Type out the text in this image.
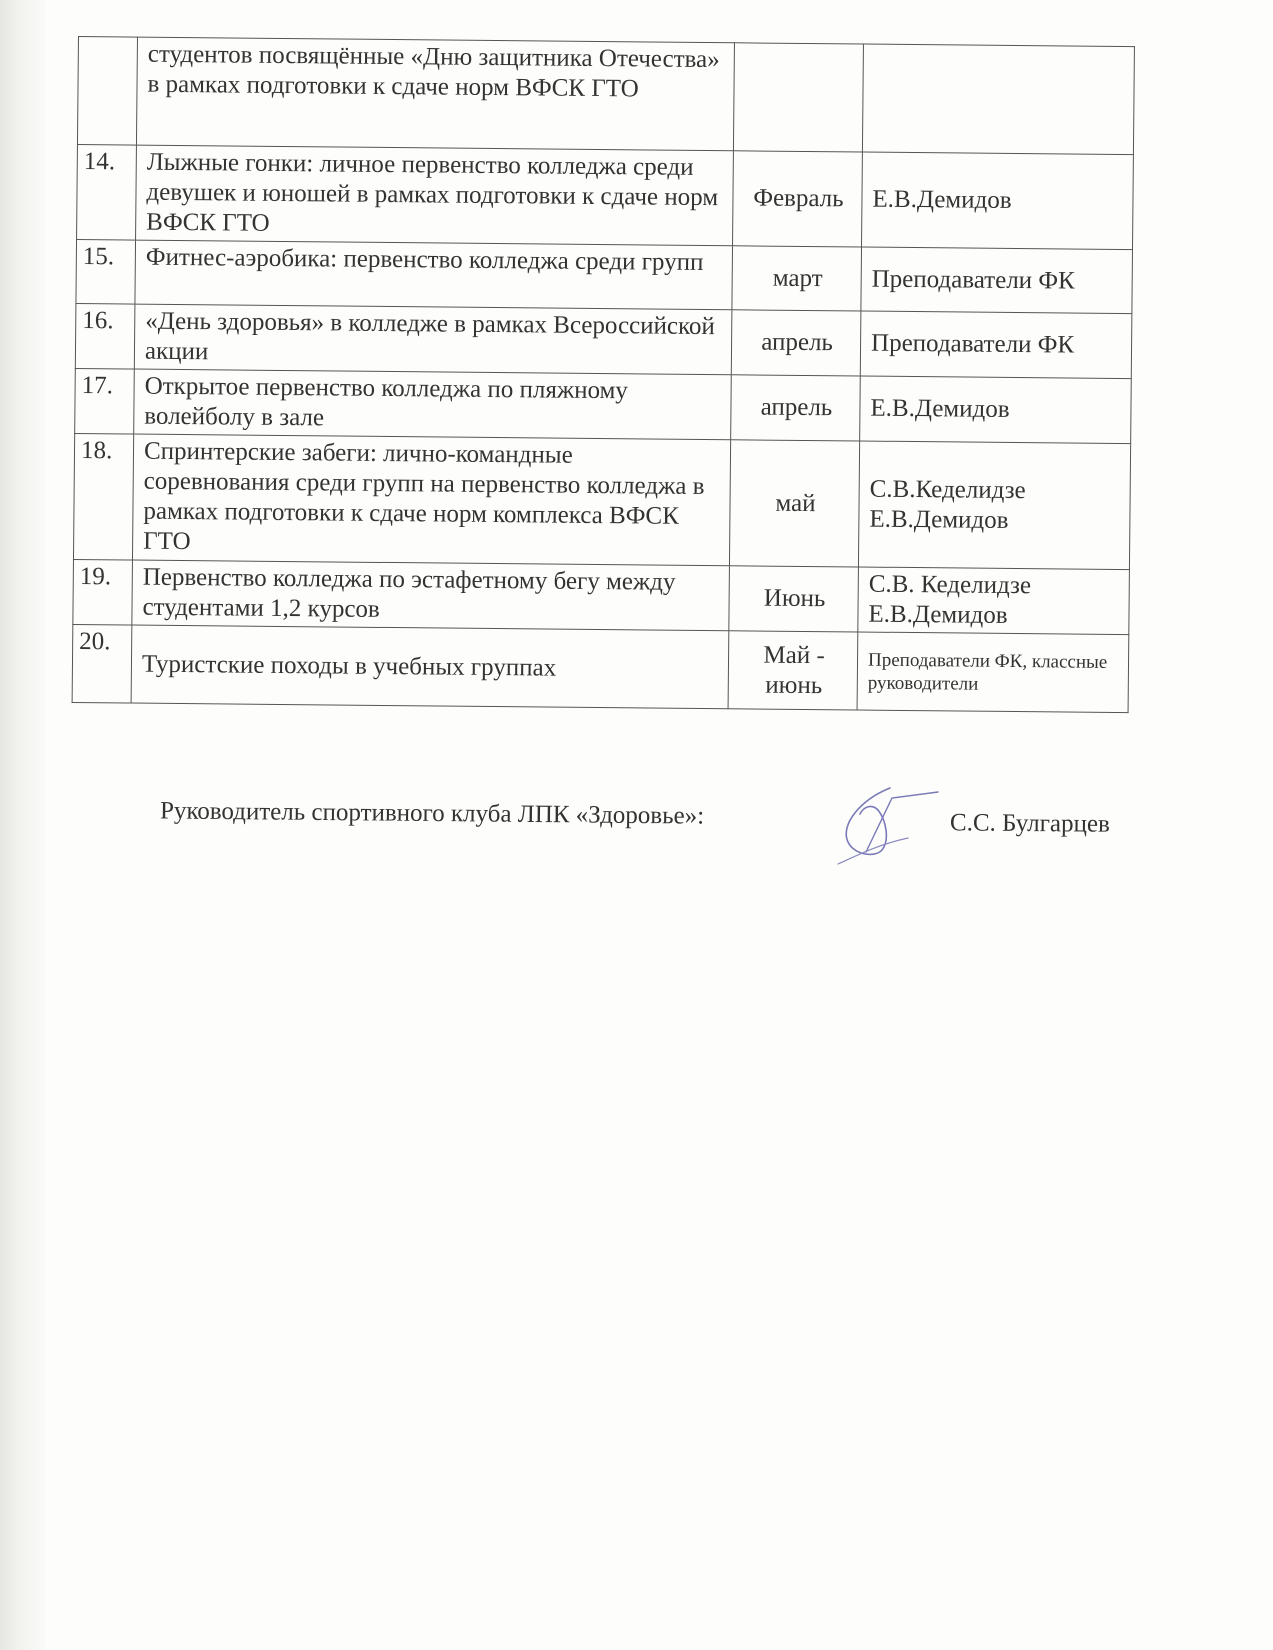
	студентов посвящённые «Дню защитника Отечества» в рамках подготовки к сдаче норм ВФСК ГТО		
14.	Лыжные гонки: личное первенство колледжа среди девушек и юношей в рамках подготовки к сдаче норм ВФСК ГТО	Февраль	Е.В.Демидов
15.	Фитнес-аэробика: первенство колледжа среди групп	март	Преподаватели ФК
16.	«День здоровья» в колледже в рамках Всероссийской акции	апрель	Преподаватели ФК
17.	Открытое первенство колледжа по пляжному волейболу в зале	апрель	Е.В.Демидов
18.	Спринтерские забеги: лично-командные соревнования среди групп на первенство колледжа в рамках подготовки к сдаче норм комплекса ВФСК ГТО	май	С.В.Кеделидзе Е.В.Демидов
19.	Первенство колледжа по эстафетному бегу между студентами 1,2 курсов	Июнь	С.В. Кеделидзе Е.В.Демидов
20.	Туристские походы в учебных группах	Май - июнь	Преподаватели ФК, классные руководители
Руководитель спортивного клуба ЛПК «Здоровье»:	С.С. Булгарцев
